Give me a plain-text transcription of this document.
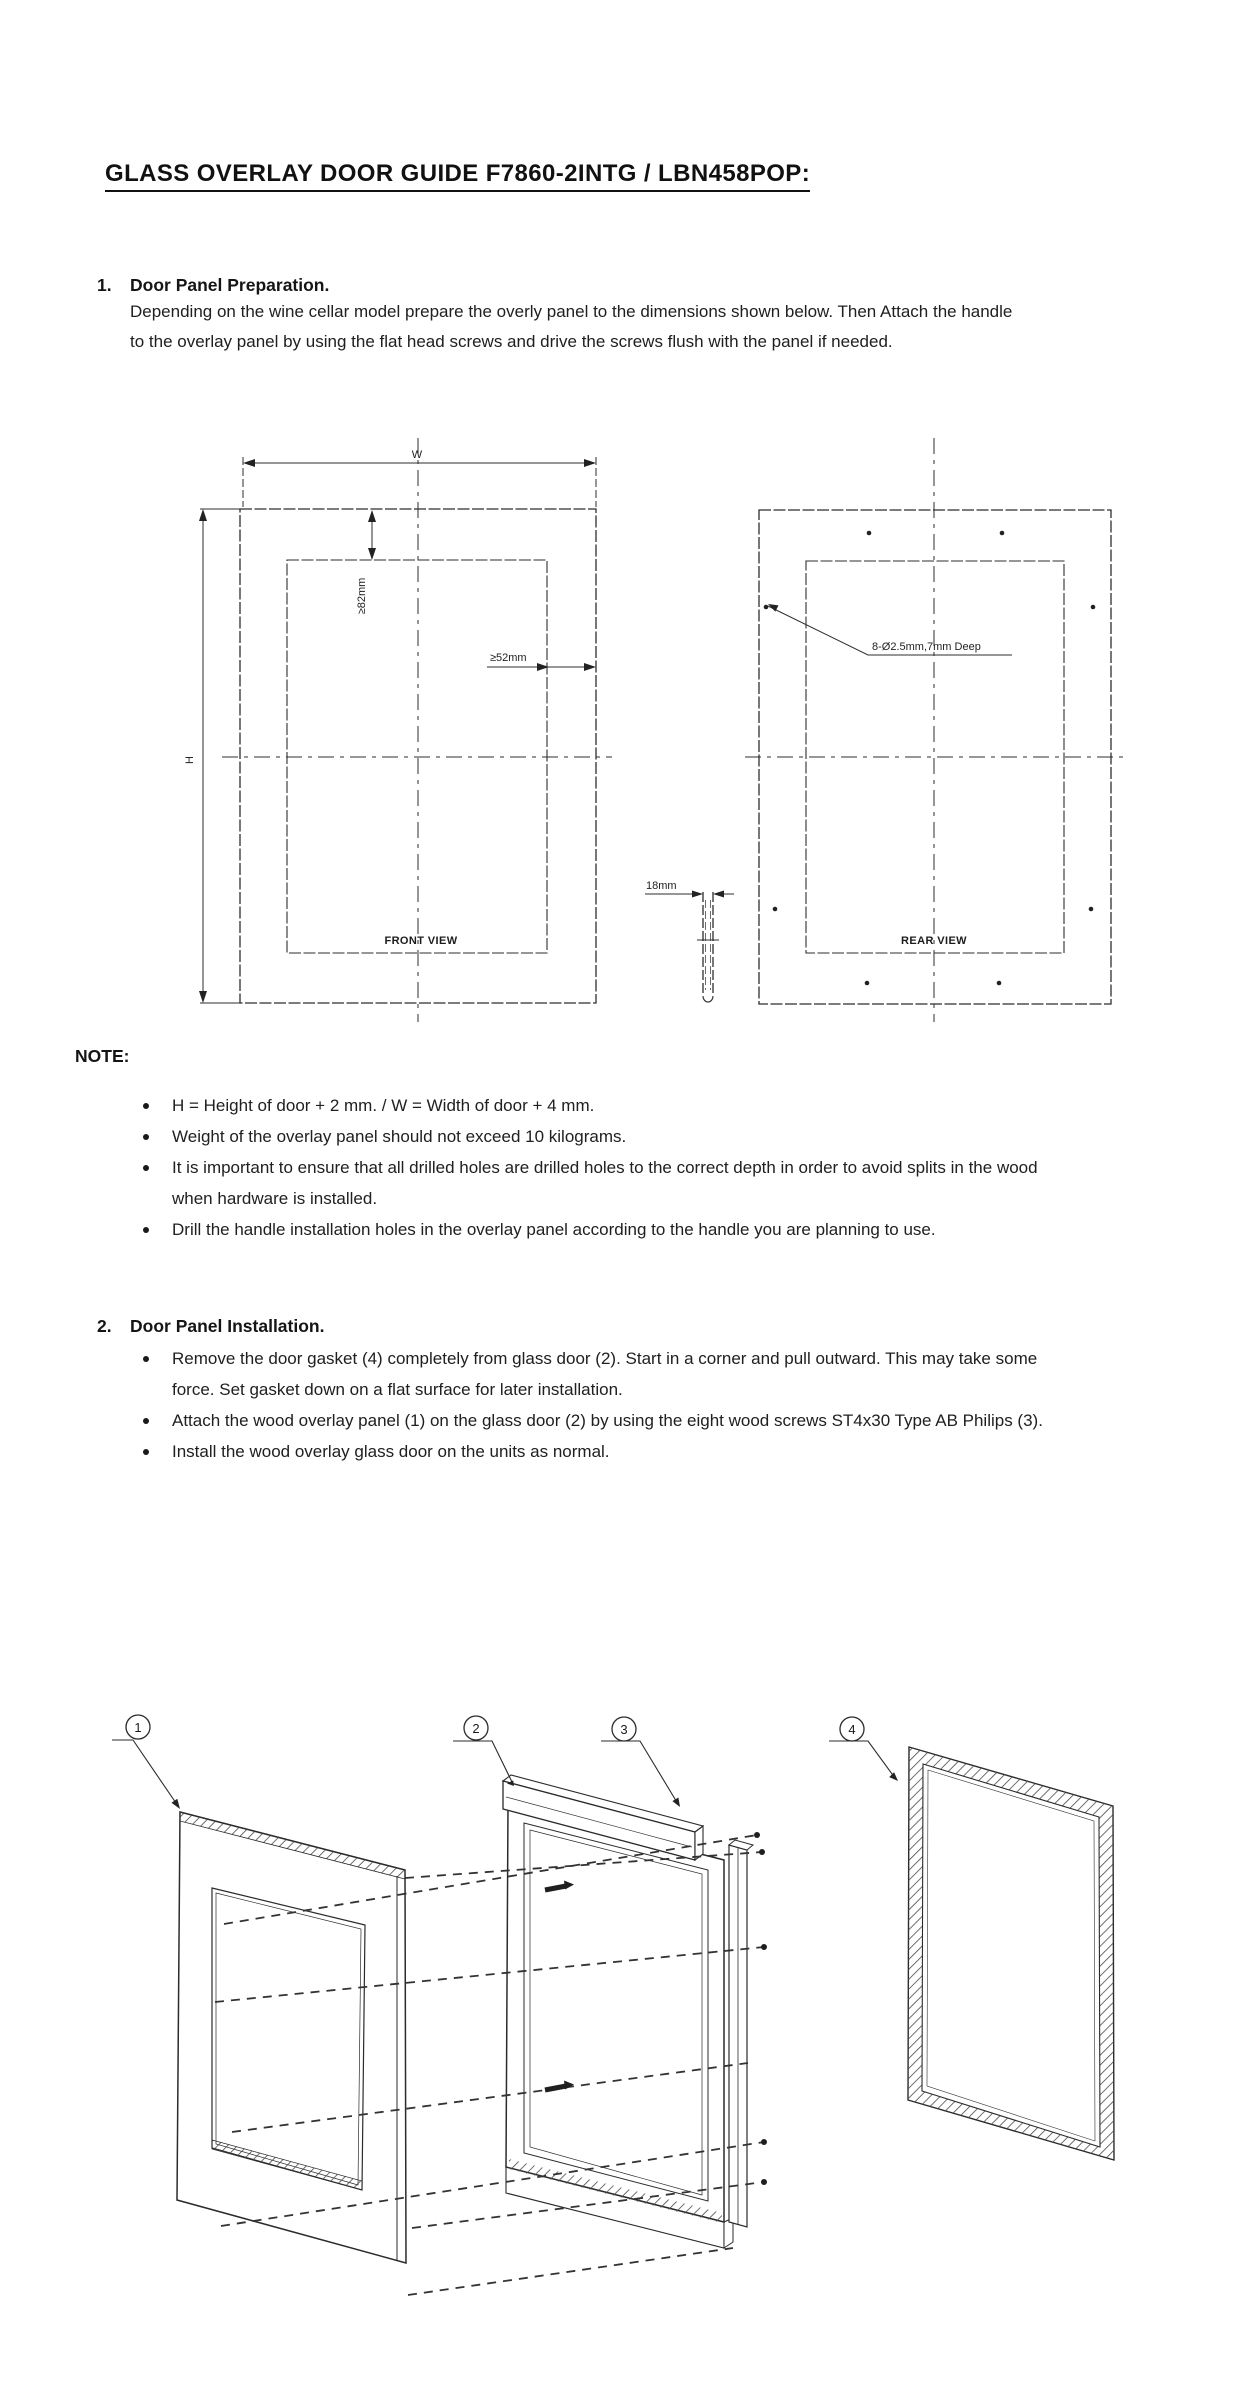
GLASS OVERLAY DOOR GUIDE F7860-2INTG / LBN458POP:
1. Door Panel Preparation.
Depending on the wine cellar model prepare the overly panel to the dimensions shown below. Then Attach the handle to the overlay panel by using the flat head screws and drive the screws flush with the panel if needed.
W
H
≥82mm
≥52mm
18mm
8-Ø2.5mm,7mm Deep
FRONT VIEW	REAR VIEW
NOTE:
H = Height of door + 2 mm. / W = Width of door + 4 mm.
Weight of the overlay panel should not exceed 10 kilograms.
It is important to ensure that all drilled holes are drilled holes to the correct depth in order to avoid splits in the wood when hardware is installed.
Drill the handle installation holes in the overlay panel according to the handle you are planning to use.
2. Door Panel Installation.
Remove the door gasket (4) completely from glass door (2). Start in a corner and pull outward. This may take some force. Set gasket down on a flat surface for later installation.
Attach the wood overlay panel (1) on the glass door (2) by using the eight wood screws ST4x30 Type AB Philips (3).
Install the wood overlay glass door on the units as normal.
1	2	3	4
